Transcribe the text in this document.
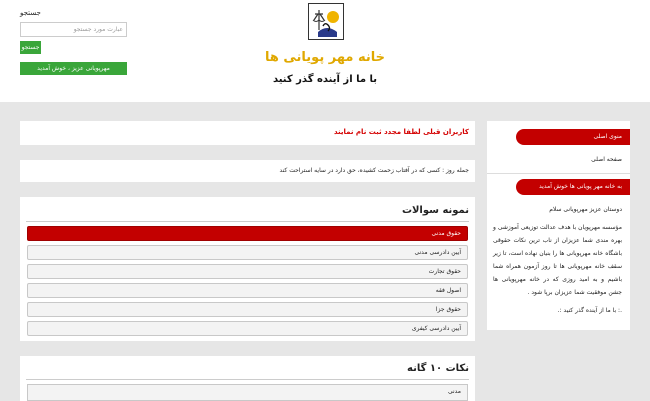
خانه مهر پویانی ها
با ما از آینده گذر کنید
جستجو
عبارت مورد جستجو
جستجو
مهرپویانی عزیز ، خوش آمدید
کاربران قبلی لطفا مجدد ثبت نام نمایند
جمله روز : کسی که در آفتاب زحمت کشیده، حق دارد در سایه استراحت کند
نمونه سوالات
حقوق مدنی
آیین دادرسی مدنی
حقوق تجارت
اصول فقه
حقوق جزا
آیین دادرسی کیفری
نکات ۱۰ گانه
مدنی
منوی اصلی
صفحه اصلی
به خانه مهر پویانی ها خوش آمدید
دوستان عزیز مهرپویانی سلام
مؤسسه مهرپویان با هدف عدالت توزیعی آموزشی و بهره مندی شما عزیزان از ناب ترین نکات حقوقی باشگاه خانه مهرپویانی ها را بنیان نهاده است، تا زیر سقف خانه مهرپویانی ها تا روز آزمون همراه شما باشیم و به امید روزی که در خانه مهرپویانی ها جشن موفقیت شما عزیزان برپا شود .
.: با ما از آینده گذر کنید :.
